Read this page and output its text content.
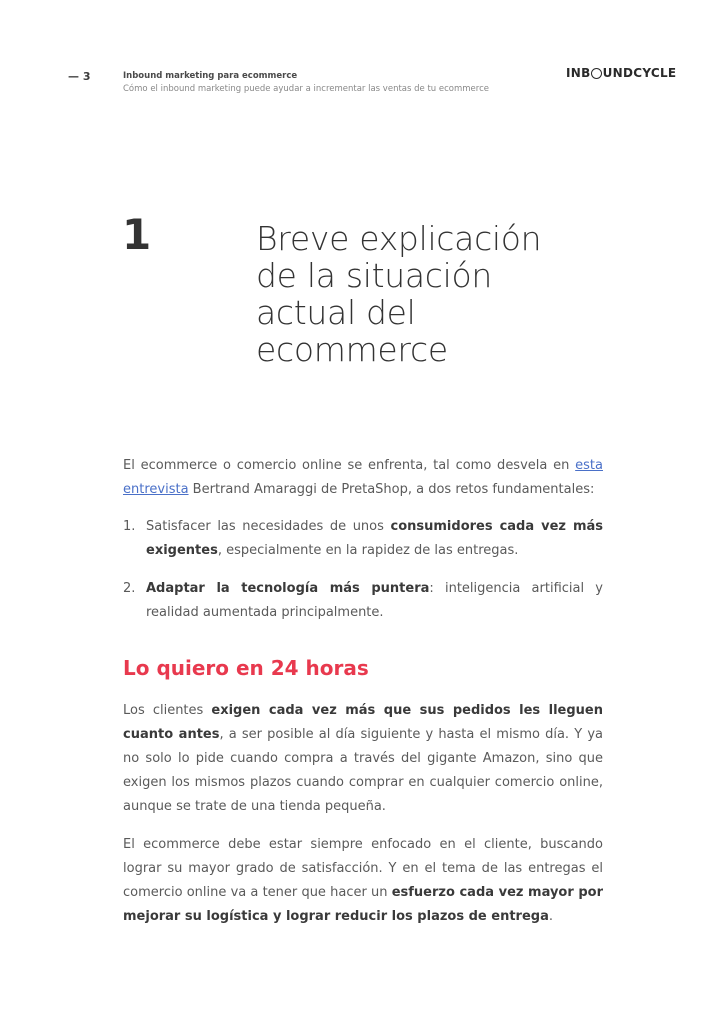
— 3	Inbound marketing para ecommerce
Cómo el inbound marketing puede ayudar a incrementar las ventas de tu ecommerce
INB UNDCYCLE
1	Breve explicación de la situación actual del ecommerce

El ecommerce o comercio online se enfrenta, tal como desvela en esta entrevista Bertrand Amaraggi de PretaShop, a dos retos fundamentales:

1. Satisfacer las necesidades de unos consumidores cada vez más exigentes, especialmente en la rapidez de las entregas.
2. Adaptar la tecnología más puntera: inteligencia artificial y realidad aumentada principalmente.
Lo quiero en 24 horas

Los clientes exigen cada vez más que sus pedidos les lleguen cuanto antes, a ser posible al día siguiente y hasta el mismo día. Y ya no solo lo pide cuando compra a través del gigante Amazon, sino que exigen los mismos plazos cuando comprar en cualquier comercio online, aunque se trate de una tienda pequeña.

El ecommerce debe estar siempre enfocado en el cliente, buscando lograr su mayor grado de satisfacción. Y en el tema de las entregas el comercio online va a tener que hacer un esfuerzo cada vez mayor por mejorar su logística y lograr reducir los plazos de entrega.
